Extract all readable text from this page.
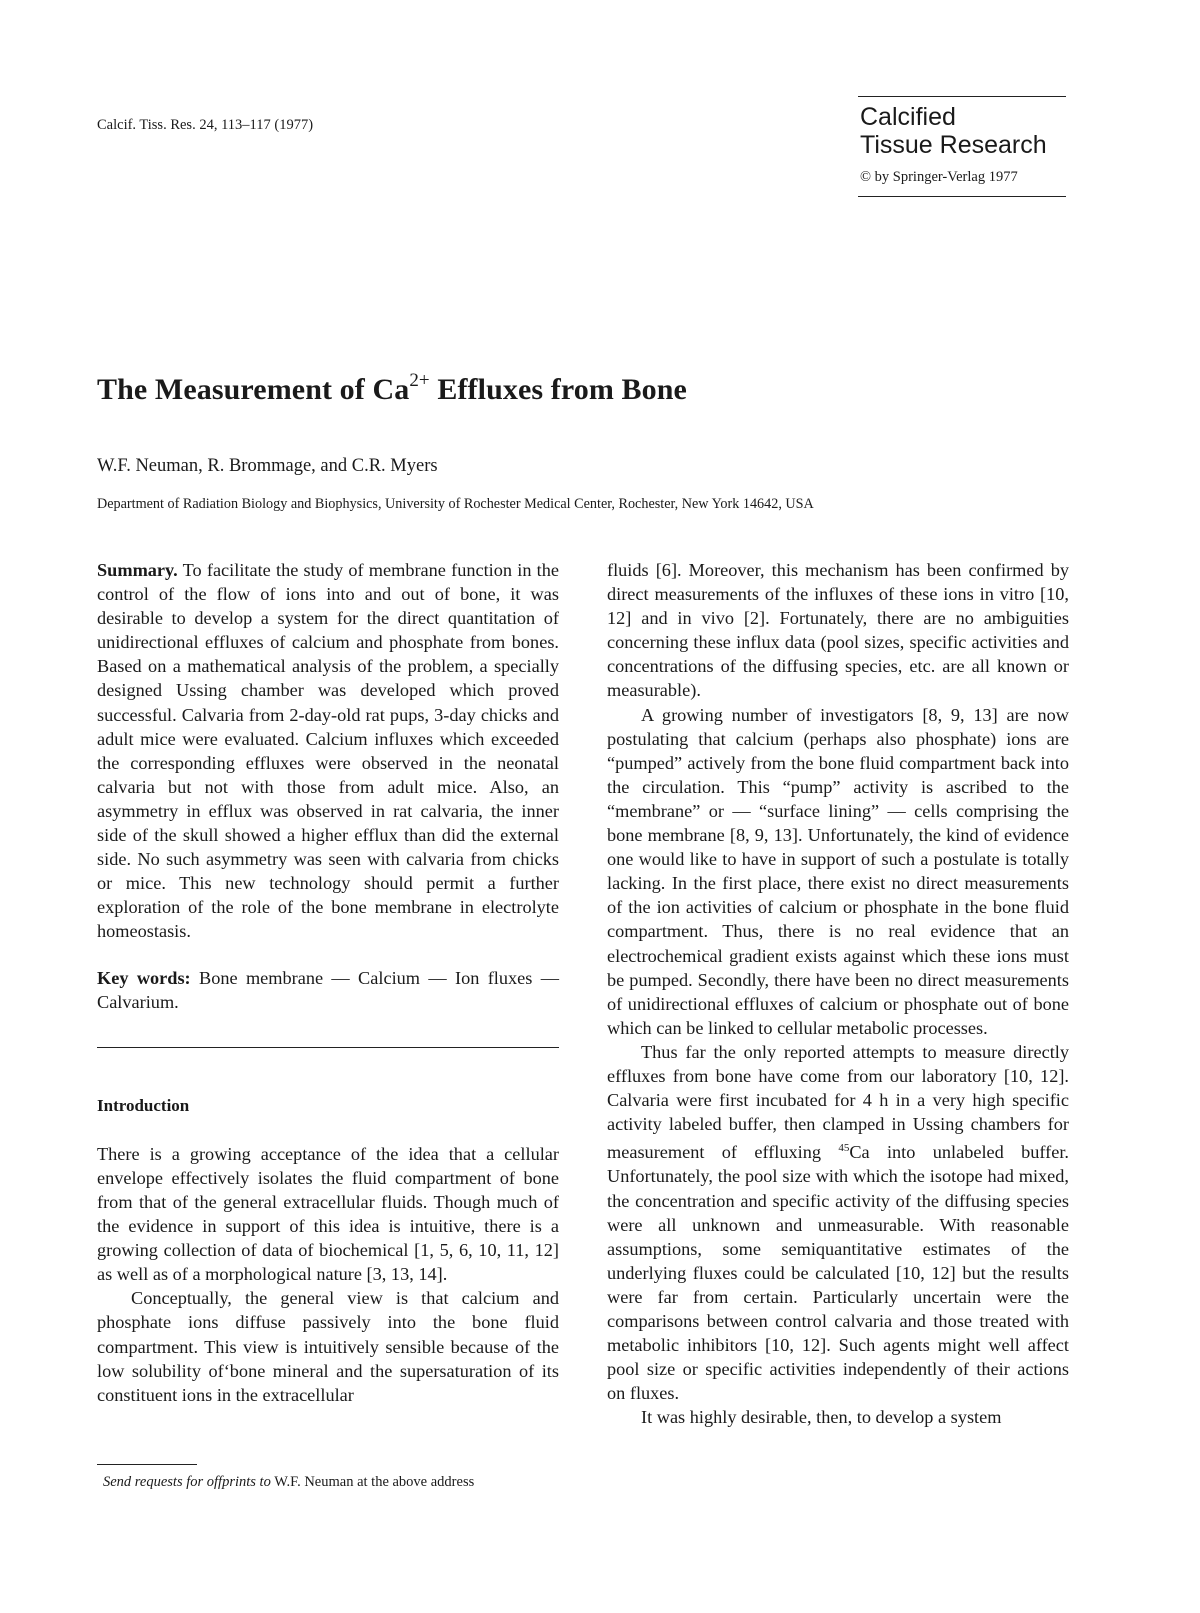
Calcif. Tiss. Res. 24, 113–117 (1977)	Calcified
Tissue Research
© by Springer-Verlag 1977
The Measurement of $Ca^{2+}$ Effluxes from Bone
W.F. Neuman, R. Brommage, and C.R. Myers
Department of Radiation Biology and Biophysics, University of Rochester Medical Center, Rochester, New York 14642, USA

Summary. To facilitate the study of membrane function in the control of the flow of ions into and out of bone, it was desirable to develop a system for the direct quantitation of unidirectional effluxes of calcium and phosphate from bones. Based on a mathematical analysis of the problem, a specially designed Ussing chamber was developed which proved successful. Calvaria from 2-day-old rat pups, 3-day chicks and adult mice were evaluated. Calcium influxes which exceeded the corresponding effluxes were observed in the neonatal calvaria but not with those from adult mice. Also, an asymmetry in efflux was observed in rat calvaria, the inner side of the skull showed a higher efflux than did the external side. No such asymmetry was seen with calvaria from chicks or mice. This new technology should permit a further exploration of the role of the bone membrane in electrolyte homeostasis.

Key words: Bone membrane — Calcium — Ion fluxes — Calvarium.

Introduction

There is a growing acceptance of the idea that a cellular envelope effectively isolates the fluid compartment of bone from that of the general extracellular fluids. Though much of the evidence in support of this idea is intuitive, there is a growing collection of data of biochemical [1, 5, 6, 10, 11, 12] as well as of a morphological nature [3, 13, 14].

Conceptually, the general view is that calcium and phosphate ions diffuse passively into the bone fluid compartment. This view is intuitively sensible because of the low solubility of‘bone mineral and the supersaturation of its constituent ions in the extracellular

fluids [6]. Moreover, this mechanism has been confirmed by direct measurements of the influxes of these ions in vitro [10, 12] and in vivo [2]. Fortunately, there are no ambiguities concerning these influx data (pool sizes, specific activities and concentrations of the diffusing species, etc. are all known or measurable).

A growing number of investigators [8, 9, 13] are now postulating that calcium (perhaps also phosphate) ions are “pumped” actively from the bone fluid compartment back into the circulation. This “pump” activity is ascribed to the “membrane” or — “surface lining” — cells comprising the bone membrane [8, 9, 13]. Unfortunately, the kind of evidence one would like to have in support of such a postulate is totally lacking. In the first place, there exist no direct measurements of the ion activities of calcium or phosphate in the bone fluid compartment. Thus, there is no real evidence that an electrochemical gradient exists against which these ions must be pumped. Secondly, there have been no direct measurements of unidirectional effluxes of calcium or phosphate out of bone which can be linked to cellular metabolic processes.

Thus far the only reported attempts to measure directly effluxes from bone have come from our laboratory [10, 12]. Calvaria were first incubated for 4 h in a very high specific activity labeled buffer, then clamped in Ussing chambers for measurement of effluxing $^{45}$Ca into unlabeled buffer. Unfortunately, the pool size with which the isotope had mixed, the concentration and specific activity of the diffusing species were all unknown and unmeasurable. With reasonable assumptions, some semiquantitative estimates of the underlying fluxes could be calculated [10, 12] but the results were far from certain. Particularly uncertain were the comparisons between control calvaria and those treated with metabolic inhibitors [10, 12]. Such agents might well affect pool size or specific activities independently of their actions on fluxes.

It was highly desirable, then, to develop a system

Send requests for offprints to W.F. Neuman at the above address
